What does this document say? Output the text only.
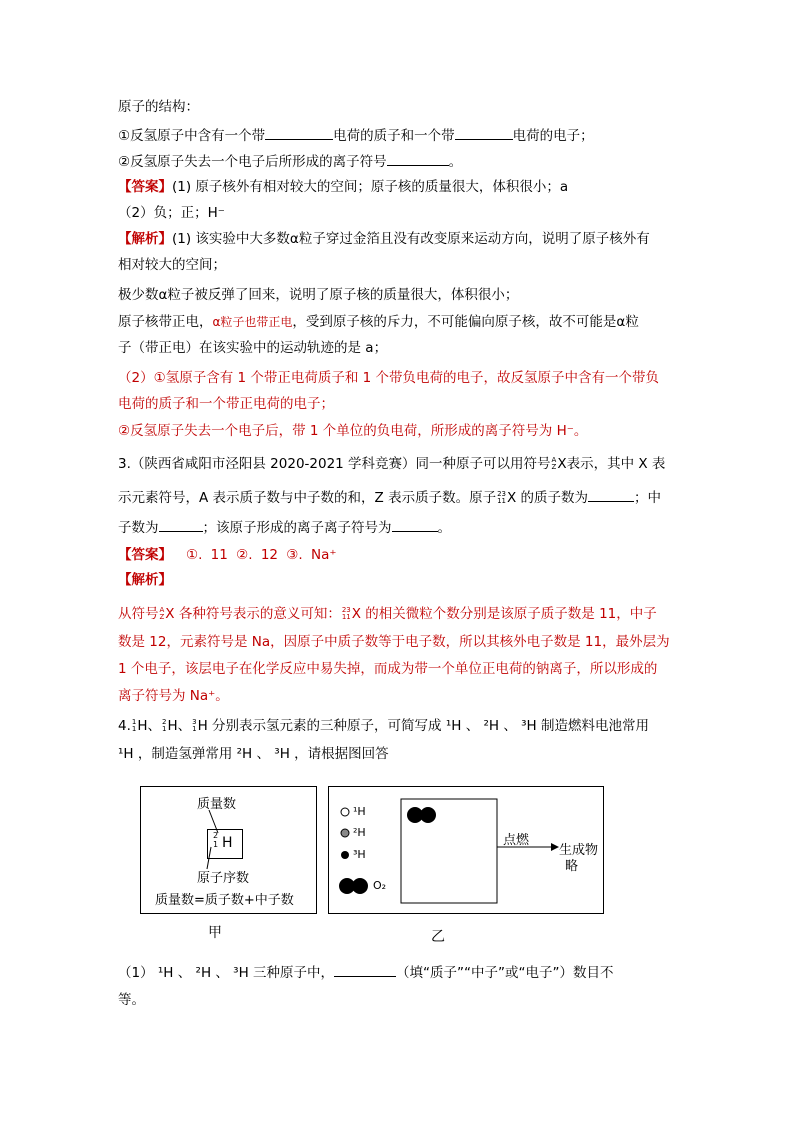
原子的结构：
①反氢原子中含有一个带	电荷的质子和一个带	电荷的电子；
②反氢原子失去一个电子后所形成的离子符号	。
【答案】(1) 原子核外有相对较大的空间；原子核的质量很大，体积很小；a
（2）负；正；H⁻
【解析】(1) 该实验中大多数α粒子穿过金箔且没有改变原来运动方向，说明了原子核外有
相对较大的空间；
极少数α粒子被反弹了回来，说明了原子核的质量很大，体积很小；
原子核带正电，α粒子也带正电，受到原子核的斥力，不可能偏向原子核，故不可能是α粒
子（带正电）在该实验中的运动轨迹的是 a；
（2）①氢原子含有 1 个带正电荷质子和 1 个带负电荷的电子，故反氢原子中含有一个带负
电荷的质子和一个带正电荷的电子；
②反氢原子失去一个电子后，带 1 个单位的负电荷，所形成的离子符号为 H⁻。
3.（陕西省咸阳市泾阳县 2020-2021 学科竞赛）同一种原子可以用符号 A
Z X表示，其中 X 表
示元素符号，A 表示质子数与中子数的和，Z 表示质子数。原子 23
11 X 的质子数为	；中
子数为	；该原子形成的离子离子符号为	。
【答案】 ①. 11 ②. 12 ③. Na⁺
【解析】
从符号 A
Z X 各种符号表示的意义可知： 23
11 X 的相关微粒个数分别是该原子质子数是 11，中子
数是 12，元素符号是 Na，因原子中质子数等于电子数，所以其核外电子数是 11，最外层为
1 个电子，该层电子在化学反应中易失掉，而成为带一个单位正电荷的钠离子，所以形成的
离子符号为 Na⁺。
4. 1
1 H、 2
1 H、 3
1 H 分别表示氢元素的三种原子，可简写成 ¹H 、 ²H 、 ³H 制造燃料电池常用
¹H ，制造氢弹常用 ²H 、 ³H ，请根据图回答
质量数
2
1 H
原子序数
质量数=质子数+中子数
甲
¹H
²H
³H
O₂
点燃
生成物
略
乙
（1） ¹H 、 ²H 、 ³H 三种原子中，	（填“质子”“中子”或“电子”）数目不
等。
